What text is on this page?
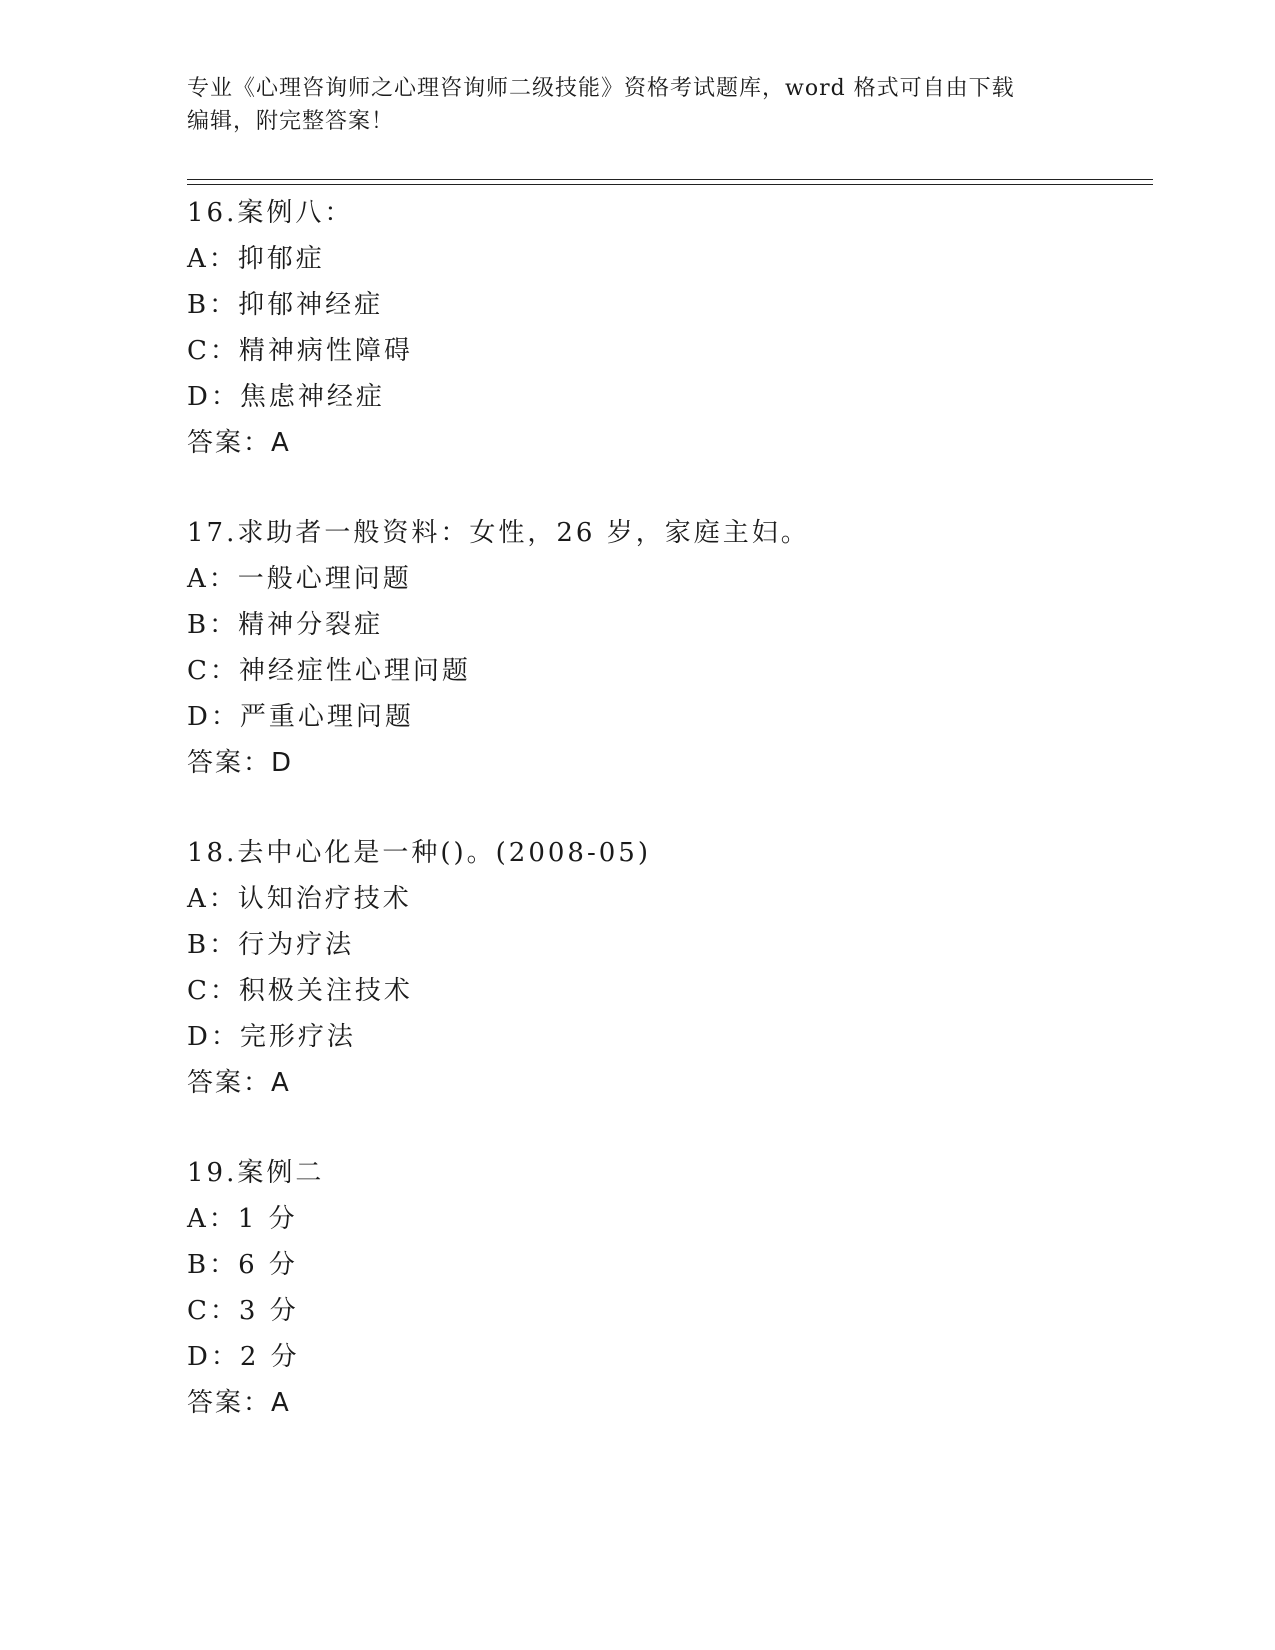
专业《心理咨询师之心理咨询师二级技能》资格考试题库，word 格式可自由下载
编辑，附完整答案！
16.案例八：
A：抑郁症
B：抑郁神经症
C：精神病性障碍
D：焦虑神经症
答案：A
17.求助者一般资料：女性，26 岁，家庭主妇。
A：一般心理问题
B：精神分裂症
C：神经症性心理问题
D：严重心理问题
答案：D
18.去中心化是一种()。(2008-05)
A：认知治疗技术
B：行为疗法
C：积极关注技术
D：完形疗法
答案：A
19.案例二
A：1 分
B：6 分
C：3 分
D：2 分
答案：A
